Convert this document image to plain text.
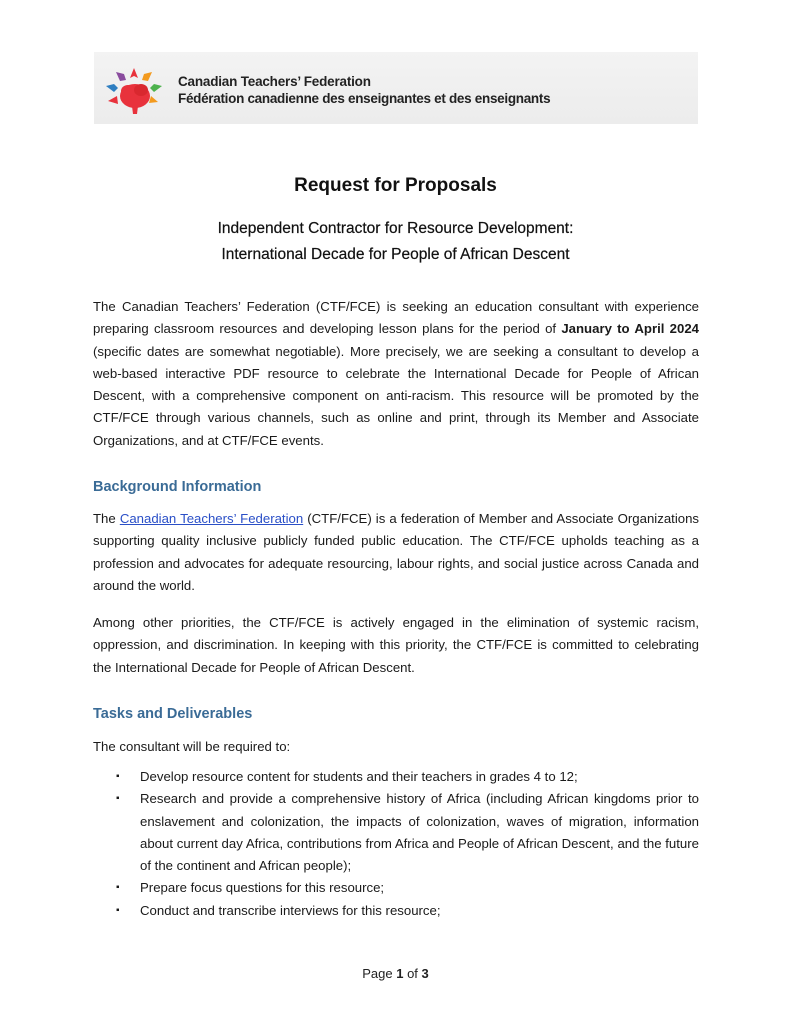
Canadian Teachers’ Federation
Fédération canadienne des enseignantes et des enseignants
Request for Proposals
Independent Contractor for Resource Development:
International Decade for People of African Descent
The Canadian Teachers’ Federation (CTF/FCE) is seeking an education consultant with experience preparing classroom resources and developing lesson plans for the period of January to April 2024 (specific dates are somewhat negotiable). More precisely, we are seeking a consultant to develop a web-based interactive PDF resource to celebrate the International Decade for People of African Descent, with a comprehensive component on anti-racism. This resource will be promoted by the CTF/FCE through various channels, such as online and print, through its Member and Associate Organizations, and at CTF/FCE events.
Background Information
The Canadian Teachers’ Federation (CTF/FCE) is a federation of Member and Associate Organizations supporting quality inclusive publicly funded public education. The CTF/FCE upholds teaching as a profession and advocates for adequate resourcing, labour rights, and social justice across Canada and around the world.
Among other priorities, the CTF/FCE is actively engaged in the elimination of systemic racism, oppression, and discrimination. In keeping with this priority, the CTF/FCE is committed to celebrating the International Decade for People of African Descent.
Tasks and Deliverables
The consultant will be required to:
▪ Develop resource content for students and their teachers in grades 4 to 12;
▪ Research and provide a comprehensive history of Africa (including African kingdoms prior to enslavement and colonization, the impacts of colonization, waves of migration, information about current day Africa, contributions from Africa and People of African Descent, and the future of the continent and African people);
▪ Prepare focus questions for this resource;
▪ Conduct and transcribe interviews for this resource;
Page 1 of 3
